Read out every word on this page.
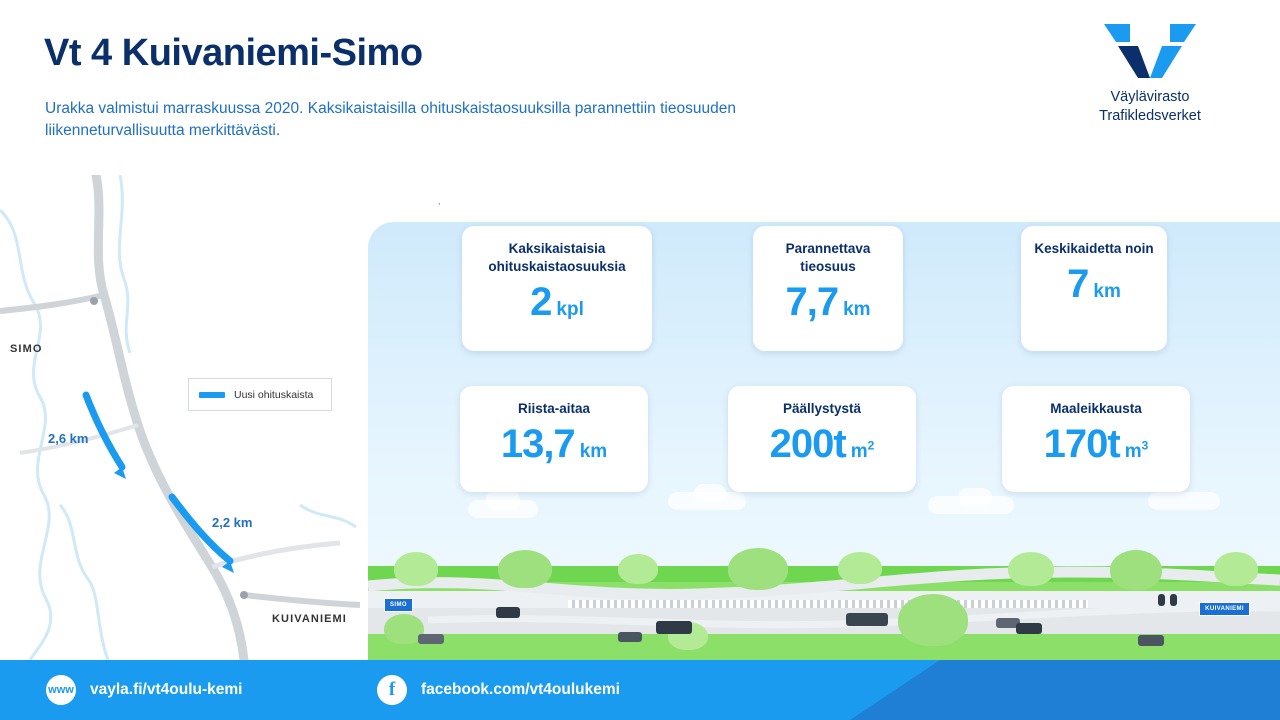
Vt 4 Kuivaniemi-Simo
Urakka valmistui marraskuussa 2020. Kaksikaistaisilla ohituskaistaosuuksilla parannettiin tieosuuden liikenneturvallisuutta merkittävästi.
Väylävirasto
Trafikledsverket
SIMO
KUIVANIEMI
2,6 km
2,2 km
Uusi ohituskaista
,
SIMO
KUIVANIEMI
Kaksikaistaisia ohituskaistaosuuksia
2 kpl
Parannettava tieosuus
7,7 km
Keskikaidetta noin
7 km
Riista-aitaa
13,7 km
Päällystystä
200t $m^2$
Maaleikkausta
170t $m^3$
www vayla.fi/vt4oulu-kemi	f	facebook.com/vt4oulukemi
